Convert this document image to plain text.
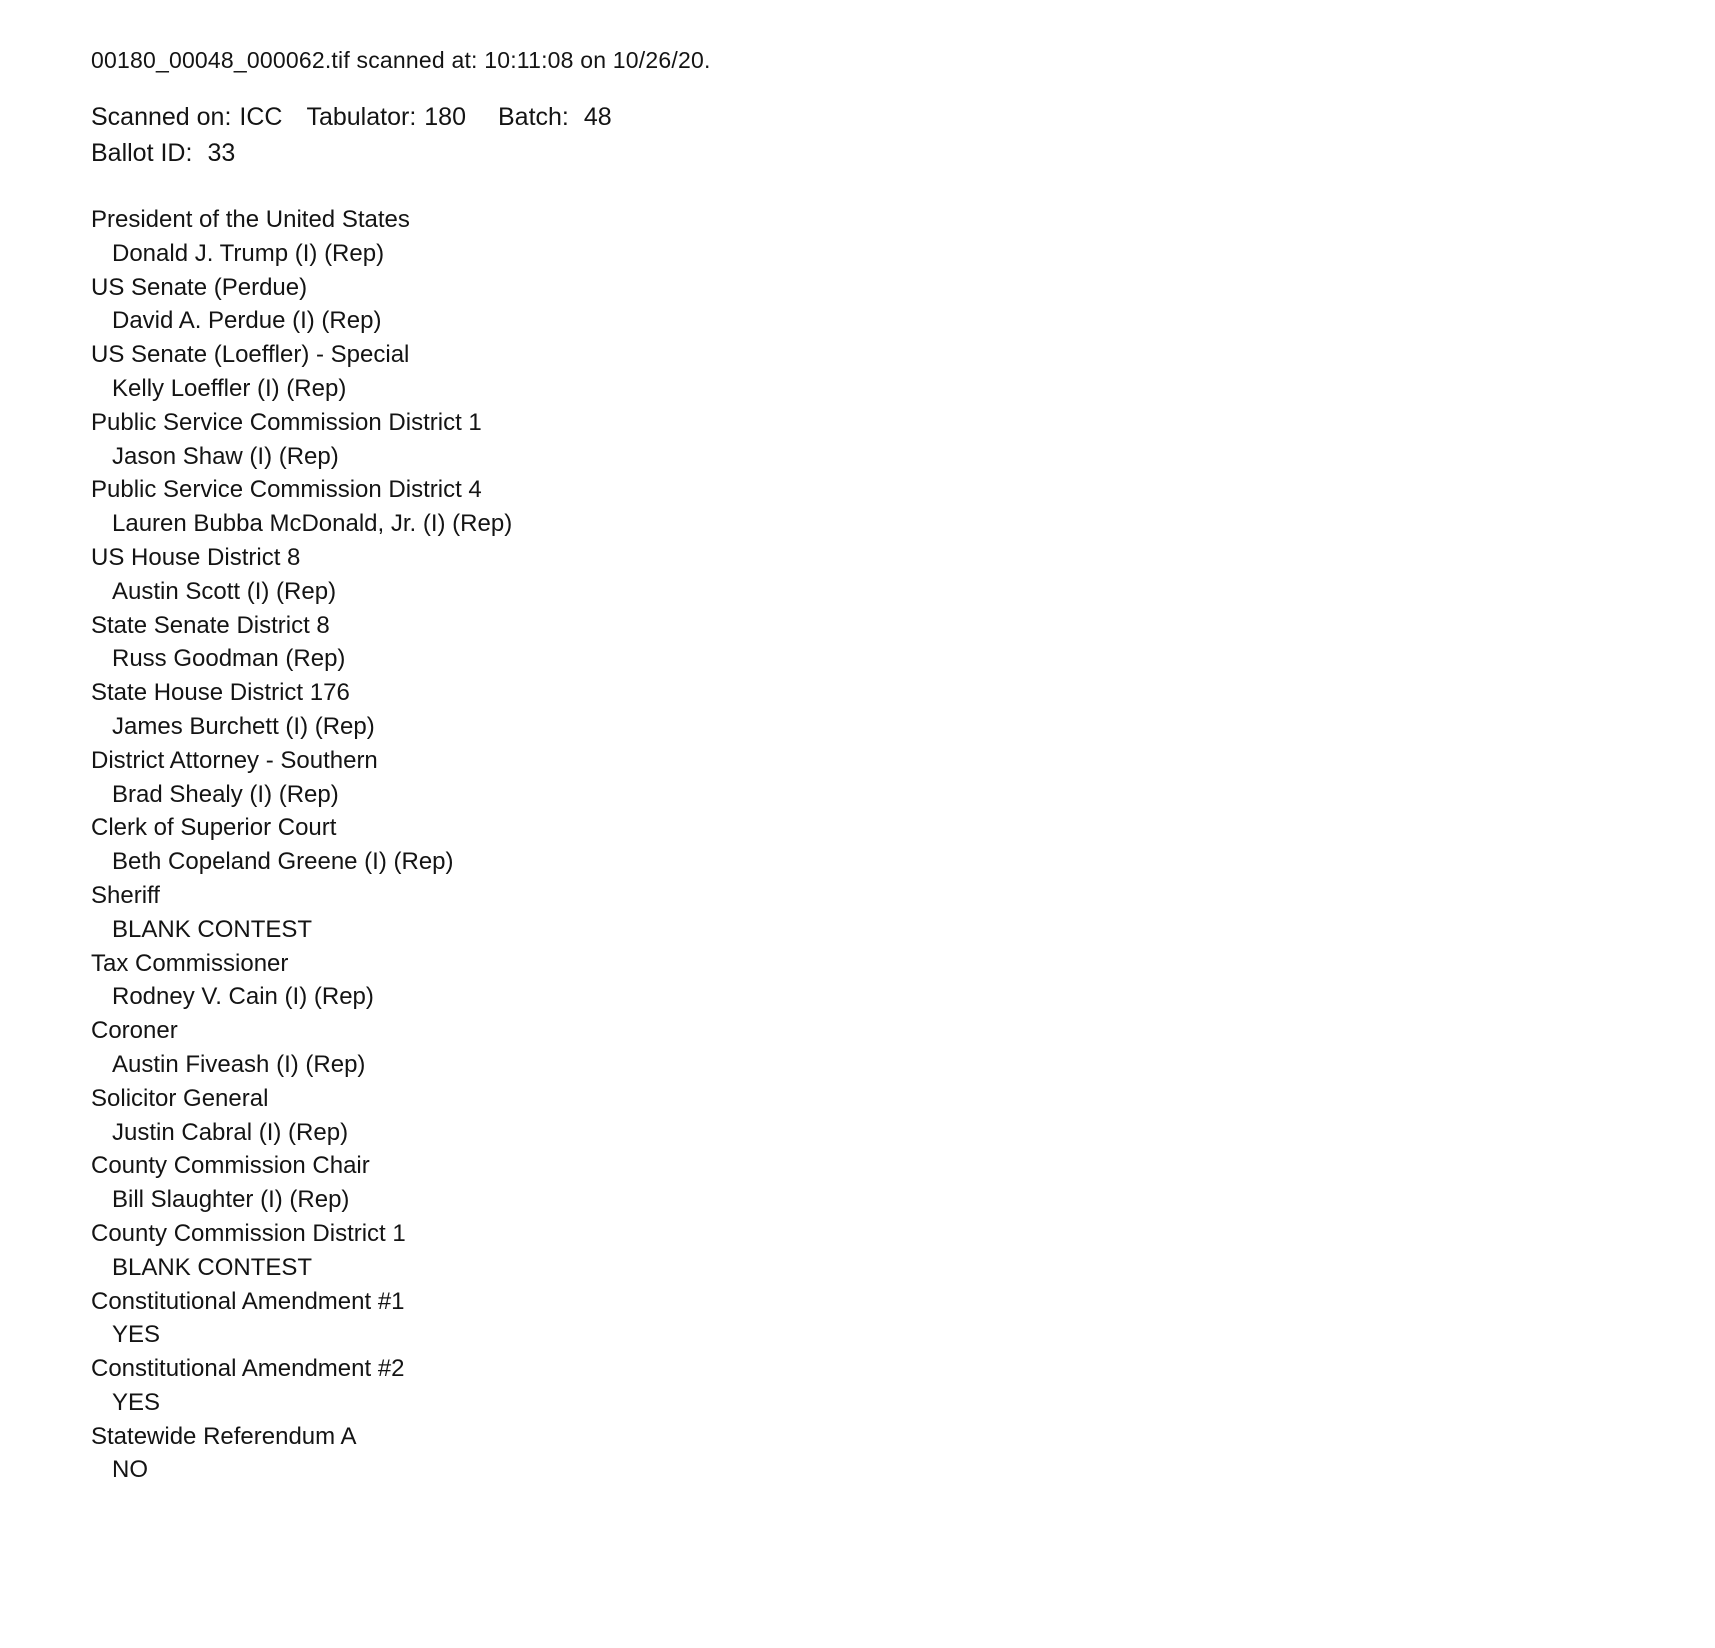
00180_00048_000062.tif scanned at: 10:11:08 on 10/26/20.
Scanned on: ICC Tabulator: 180 Batch: 48
Ballot ID: 33
President of the United States
Donald J. Trump (I) (Rep)
US Senate (Perdue)
David A. Perdue (I) (Rep)
US Senate (Loeffler) - Special
Kelly Loeffler (I) (Rep)
Public Service Commission District 1
Jason Shaw (I) (Rep)
Public Service Commission District 4
Lauren Bubba McDonald, Jr. (I) (Rep)
US House District 8
Austin Scott (I) (Rep)
State Senate District 8
Russ Goodman (Rep)
State House District 176
James Burchett (I) (Rep)
District Attorney - Southern
Brad Shealy (I) (Rep)
Clerk of Superior Court
Beth Copeland Greene (I) (Rep)
Sheriff
BLANK CONTEST
Tax Commissioner
Rodney V. Cain (I) (Rep)
Coroner
Austin Fiveash (I) (Rep)
Solicitor General
Justin Cabral (I) (Rep)
County Commission Chair
Bill Slaughter (I) (Rep)
County Commission District 1
BLANK CONTEST
Constitutional Amendment #1
YES
Constitutional Amendment #2
YES
Statewide Referendum A
NO
